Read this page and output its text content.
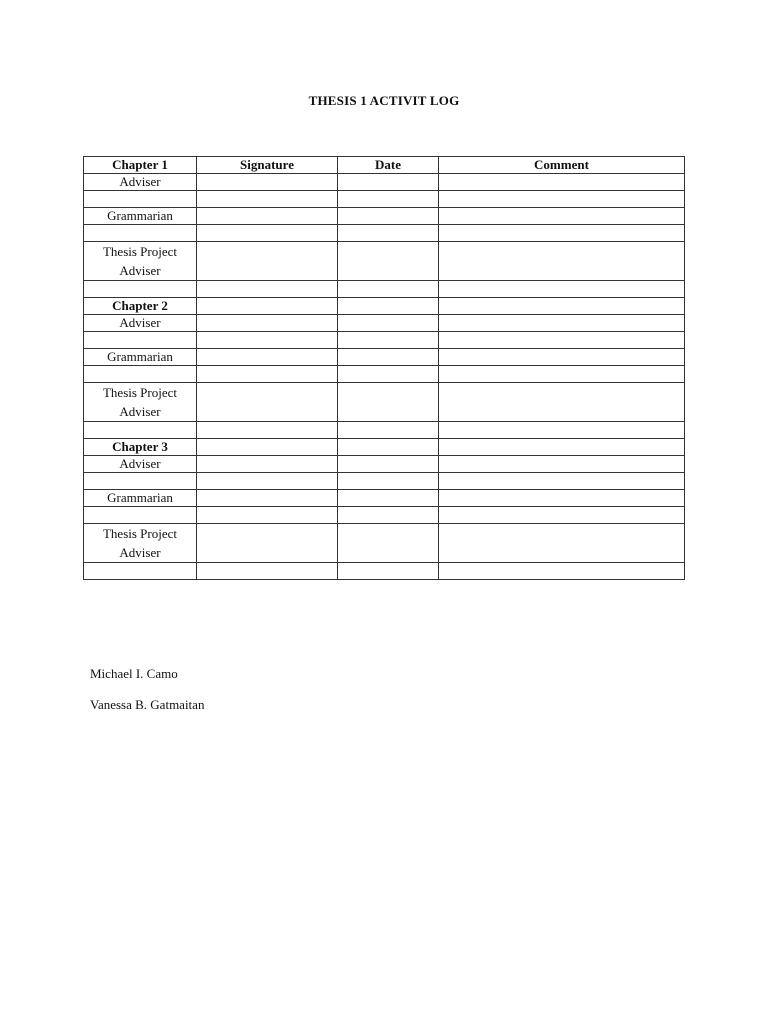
THESIS 1 ACTIVIT LOG
Chapter 1	Signature	Date	Comment
Adviser			

Grammarian			

Thesis Project Adviser			

Chapter 2			
Adviser			

Grammarian			

Thesis Project Adviser			

Chapter 3			
Adviser			

Grammarian			

Thesis Project Adviser			

Michael I. Camo
Vanessa B. Gatmaitan
